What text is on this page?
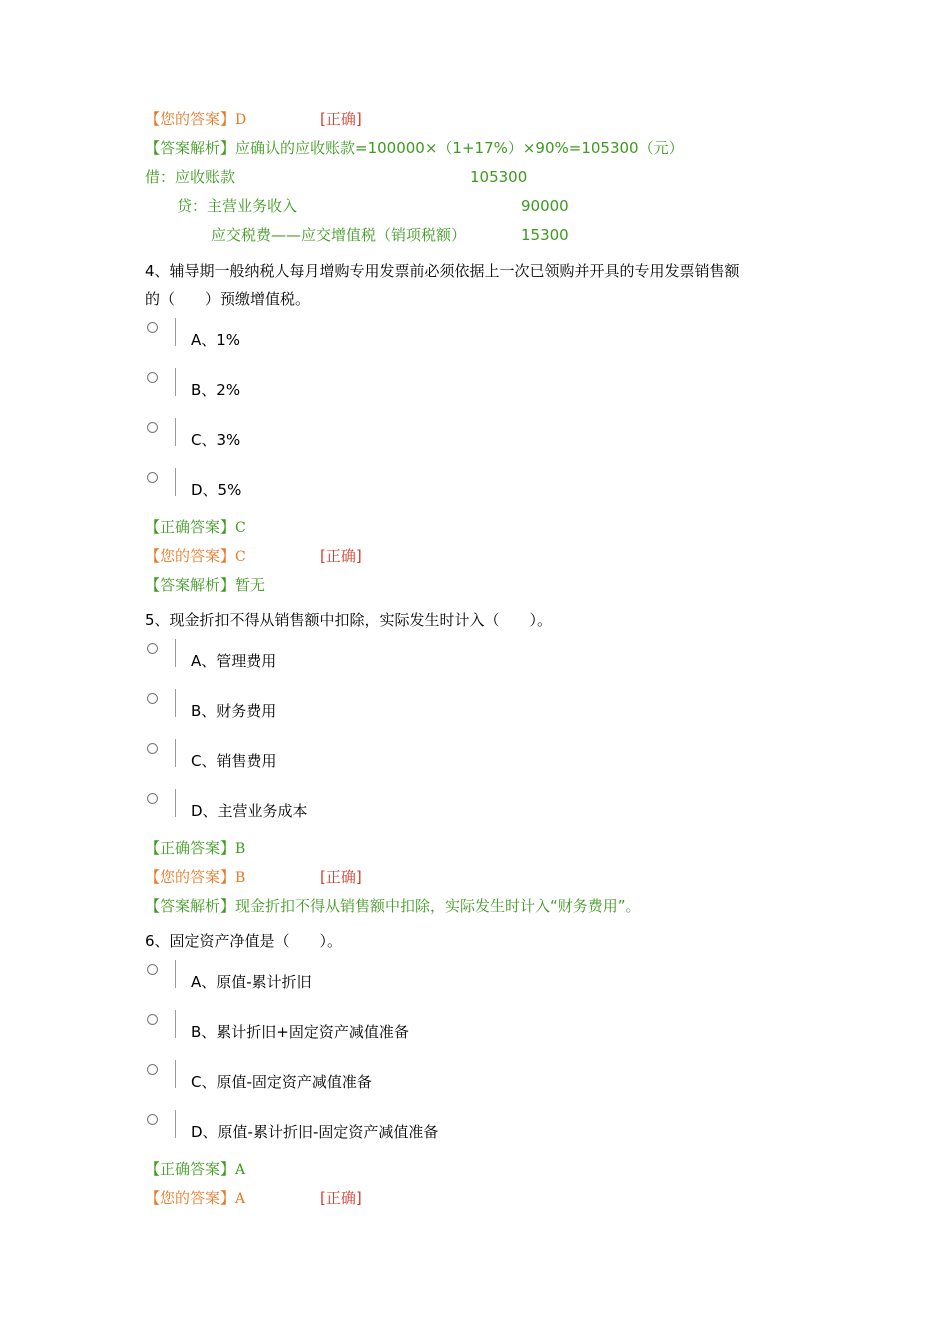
【您的答案】D	[正确]
【答案解析】应确认的应收账款=100000×（1+17%）×90%=105300（元）
借：应收账款	105300
贷：主营业务收入	90000
应交税费——应交增值税（销项税额）	15300
4、辅导期一般纳税人每月增购专用发票前必须依据上一次已领购并开具的专用发票销售额
的（　　）预缴增值税。
A、1%
B、2%
C、3%
D、5%
【正确答案】C
【您的答案】C	[正确]
【答案解析】暂无
5、现金折扣不得从销售额中扣除，实际发生时计入（　　）。
A、管理费用
B、财务费用
C、销售费用
D、主营业务成本
【正确答案】B
【您的答案】B	[正确]
【答案解析】现金折扣不得从销售额中扣除，实际发生时计入“财务费用”。
6、固定资产净值是（　　）。
A、原值-累计折旧
B、累计折旧+固定资产减值准备
C、原值-固定资产减值准备
D、原值-累计折旧-固定资产减值准备
【正确答案】A
【您的答案】A	[正确]
